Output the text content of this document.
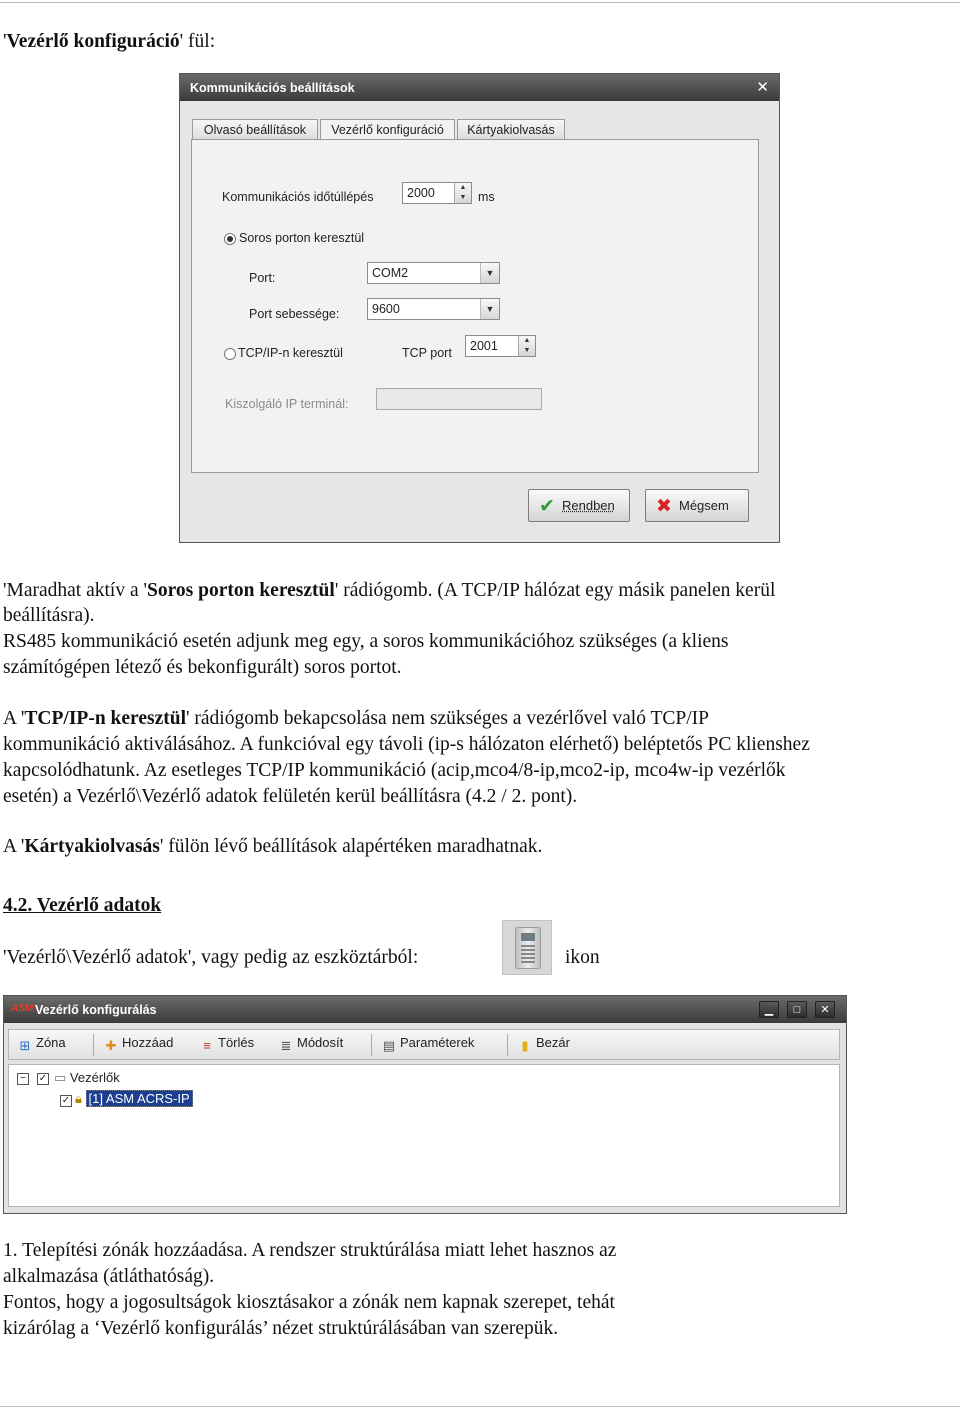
'Vezérlő konfiguráció' fül:

Kommunikációs beállítások	✕
Olvasó beállítások	Vezérlő konfiguráció	Kártyakiolvasás
Kommunikációs időtúllépés	2000	▲
▼ ms
Soros porton keresztül
Port:	COM2	▼
Port sebessége:	9600	▼
TCP/IP-n keresztül	TCP port	2001	▲
▼
Kiszolgáló IP terminál:
✔ Rendben ✖ Mégsem

'Maradhat aktív a 'Soros porton keresztül' rádiógomb. (A TCP/IP hálózat egy másik panelen kerül

beállításra).

RS485 kommunikáció esetén adjunk meg egy, a soros kommunikációhoz szükséges (a kliens

számítógépen létező és bekonfigurált) soros portot.

A 'TCP/IP-n keresztül' rádiógomb bekapcsolása nem szükséges a vezérlővel való TCP/IP

kommunikáció aktiválásához. A funkcióval egy távoli (ip-s hálózaton elérhető) beléptetős PC klienshez

kapcsolódhatunk. Az esetleges TCP/IP kommunikáció (acip,mco4/8-ip,mco2-ip, mco4w-ip vezérlők

esetén) a Vezérlő\Vezérlő adatok felületén kerül beállításra (4.2 / 2. pont).

A 'Kártyakiolvasás' fülön lévő beállítások alapértéken maradhatnak.

4.2. Vezérlő adatok

'Vezérlő\Vezérlő adatok', vagy pedig az eszköztárból:	ikon

ASM Vezérlő konfigurálás	▁	□	✕
⊞ Zóna	✚ Hozzáad	≡ Törlés ≣ Módosít	▤ Paraméterek	▮ Bezár
−	✓ ▭ Vezérlők
✓ 🔒︎ [1] ASM ACRS-IP

1. Telepítési zónák hozzáadása. A rendszer struktúrálása miatt lehet hasznos az

alkalmazása (átláthatóság).

Fontos, hogy a jogosultságok kiosztásakor a zónák nem kapnak szerepet, tehát

kizárólag a ‘Vezérlő konfigurálás’ nézet struktúrálásában van szerepük.
